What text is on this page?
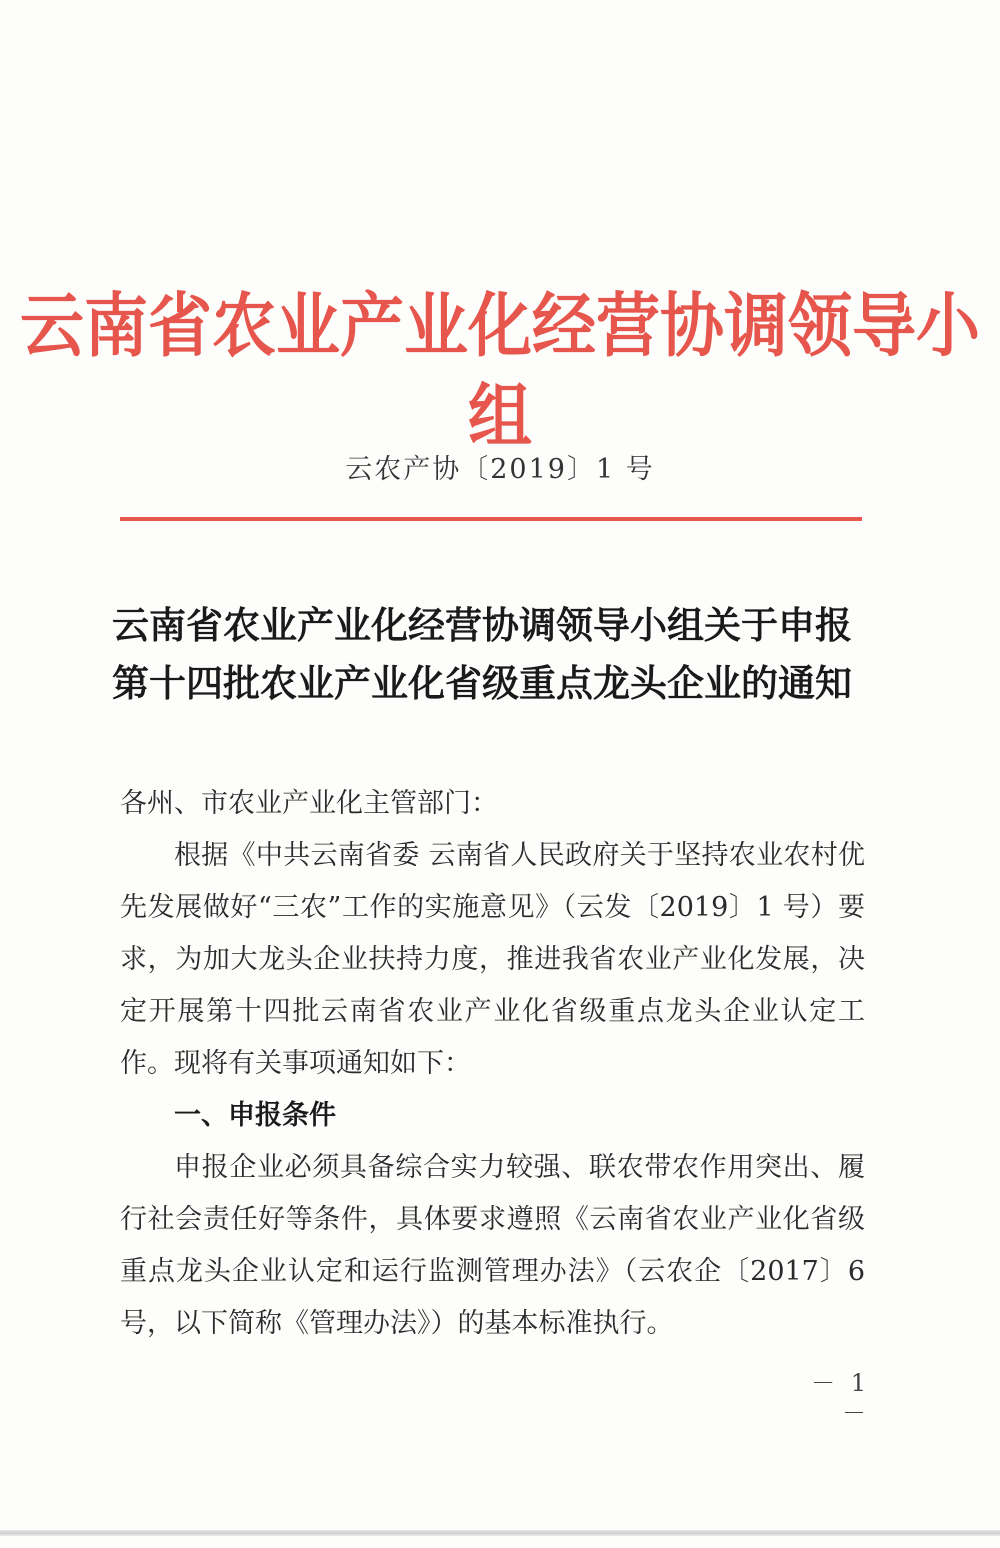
云南省农业产业化经营协调领导小组
云农产协〔2019〕1 号
云南省农业产业化经营协调领导小组关于申报
第十四批农业产业化省级重点龙头企业的通知

各州、市农业产业化主管部门：

根据《中共云南省委 云南省人民政府关于坚持农业农村优先发展做好“三农”工作的实施意见》（云发〔2019〕1 号）要求，为加大龙头企业扶持力度，推进我省农业产业化发展，决定开展第十四批云南省农业产业化省级重点龙头企业认定工作。现将有关事项通知如下：

一、申报条件

申报企业必须具备综合实力较强、联农带农作用突出、履行社会责任好等条件，具体要求遵照《云南省农业产业化省级重点龙头企业认定和运行监测管理办法》（云农企〔2017〕6 号，以下简称《管理办法》）的基本标准执行。

－ 1 －
